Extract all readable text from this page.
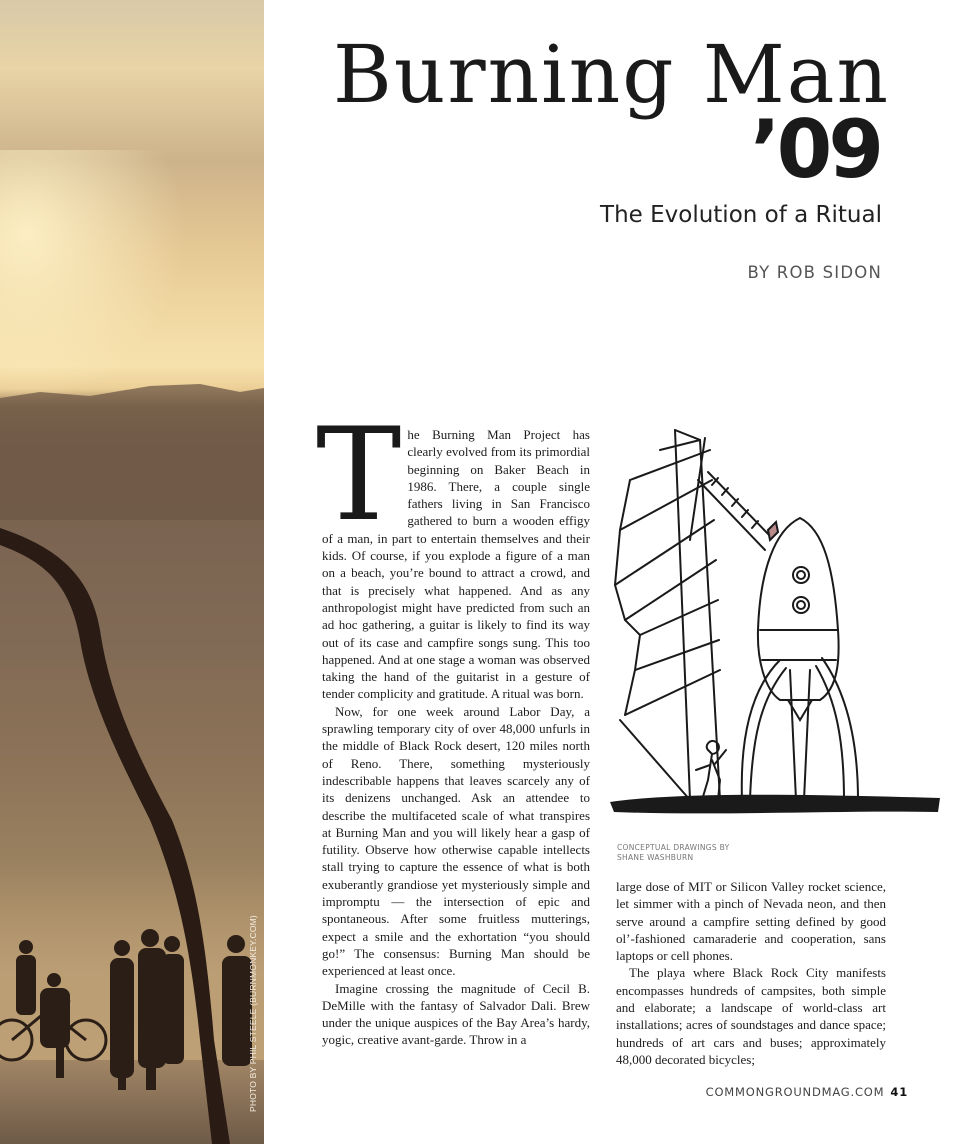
PHOTO BY PHIL STEELE (BURNMONKEY.COM)
Burning Man
’09
The Evolution of a Ritual
BY ROB SIDON

The Burning Man Project has clearly evolved from its primordial beginning on Baker Beach in 1986. There, a couple single fathers living in San Francisco gathered to burn a wooden effigy of a man, in part to entertain themselves and their kids. Of course, if you explode a figure of a man on a beach, you’re bound to attract a crowd, and that is precisely what happened. And as any anthropologist might have predicted from such an ad hoc gathering, a guitar is likely to find its way out of its case and campfire songs sung. This too happened. And at one stage a woman was observed taking the hand of the guitarist in a gesture of tender complicity and gratitude. A ritual was born.

Now, for one week around Labor Day, a sprawling temporary city of over 48,000 unfurls in the middle of Black Rock desert, 120 miles north of Reno. There, something mysteriously indescribable happens that leaves scarcely any of its denizens unchanged. Ask an attendee to describe the multifaceted scale of what transpires at Burning Man and you will likely hear a gasp of futility. Observe how otherwise capable intellects stall trying to capture the essence of what is both exuberantly grandiose yet mysteriously simple and impromptu — the intersection of epic and spontaneous. After some fruitless mutterings, expect a smile and the exhortation “you should go!” The consensus: Burning Man should be experienced at least once.

Imagine crossing the magnitude of Cecil B. DeMille with the fantasy of Salvador Dali. Brew under the unique auspices of the Bay Area’s hardy, yogic, creative avant-garde. Throw in a

CONCEPTUAL DRAWINGS BY
SHANE WASHBURN

large dose of MIT or Silicon Valley rocket science, let simmer with a pinch of Nevada neon, and then serve around a campfire setting defined by good ol’-fashioned camaraderie and cooperation, sans laptops or cell phones.

The playa where Black Rock City manifests encompasses hundreds of campsites, both simple and elaborate; a landscape of world-class art installations; acres of soundstages and dance space; hundreds of art cars and buses; approximately 48,000 decorated bicycles;

COMMONGROUNDMAG.COM 41
